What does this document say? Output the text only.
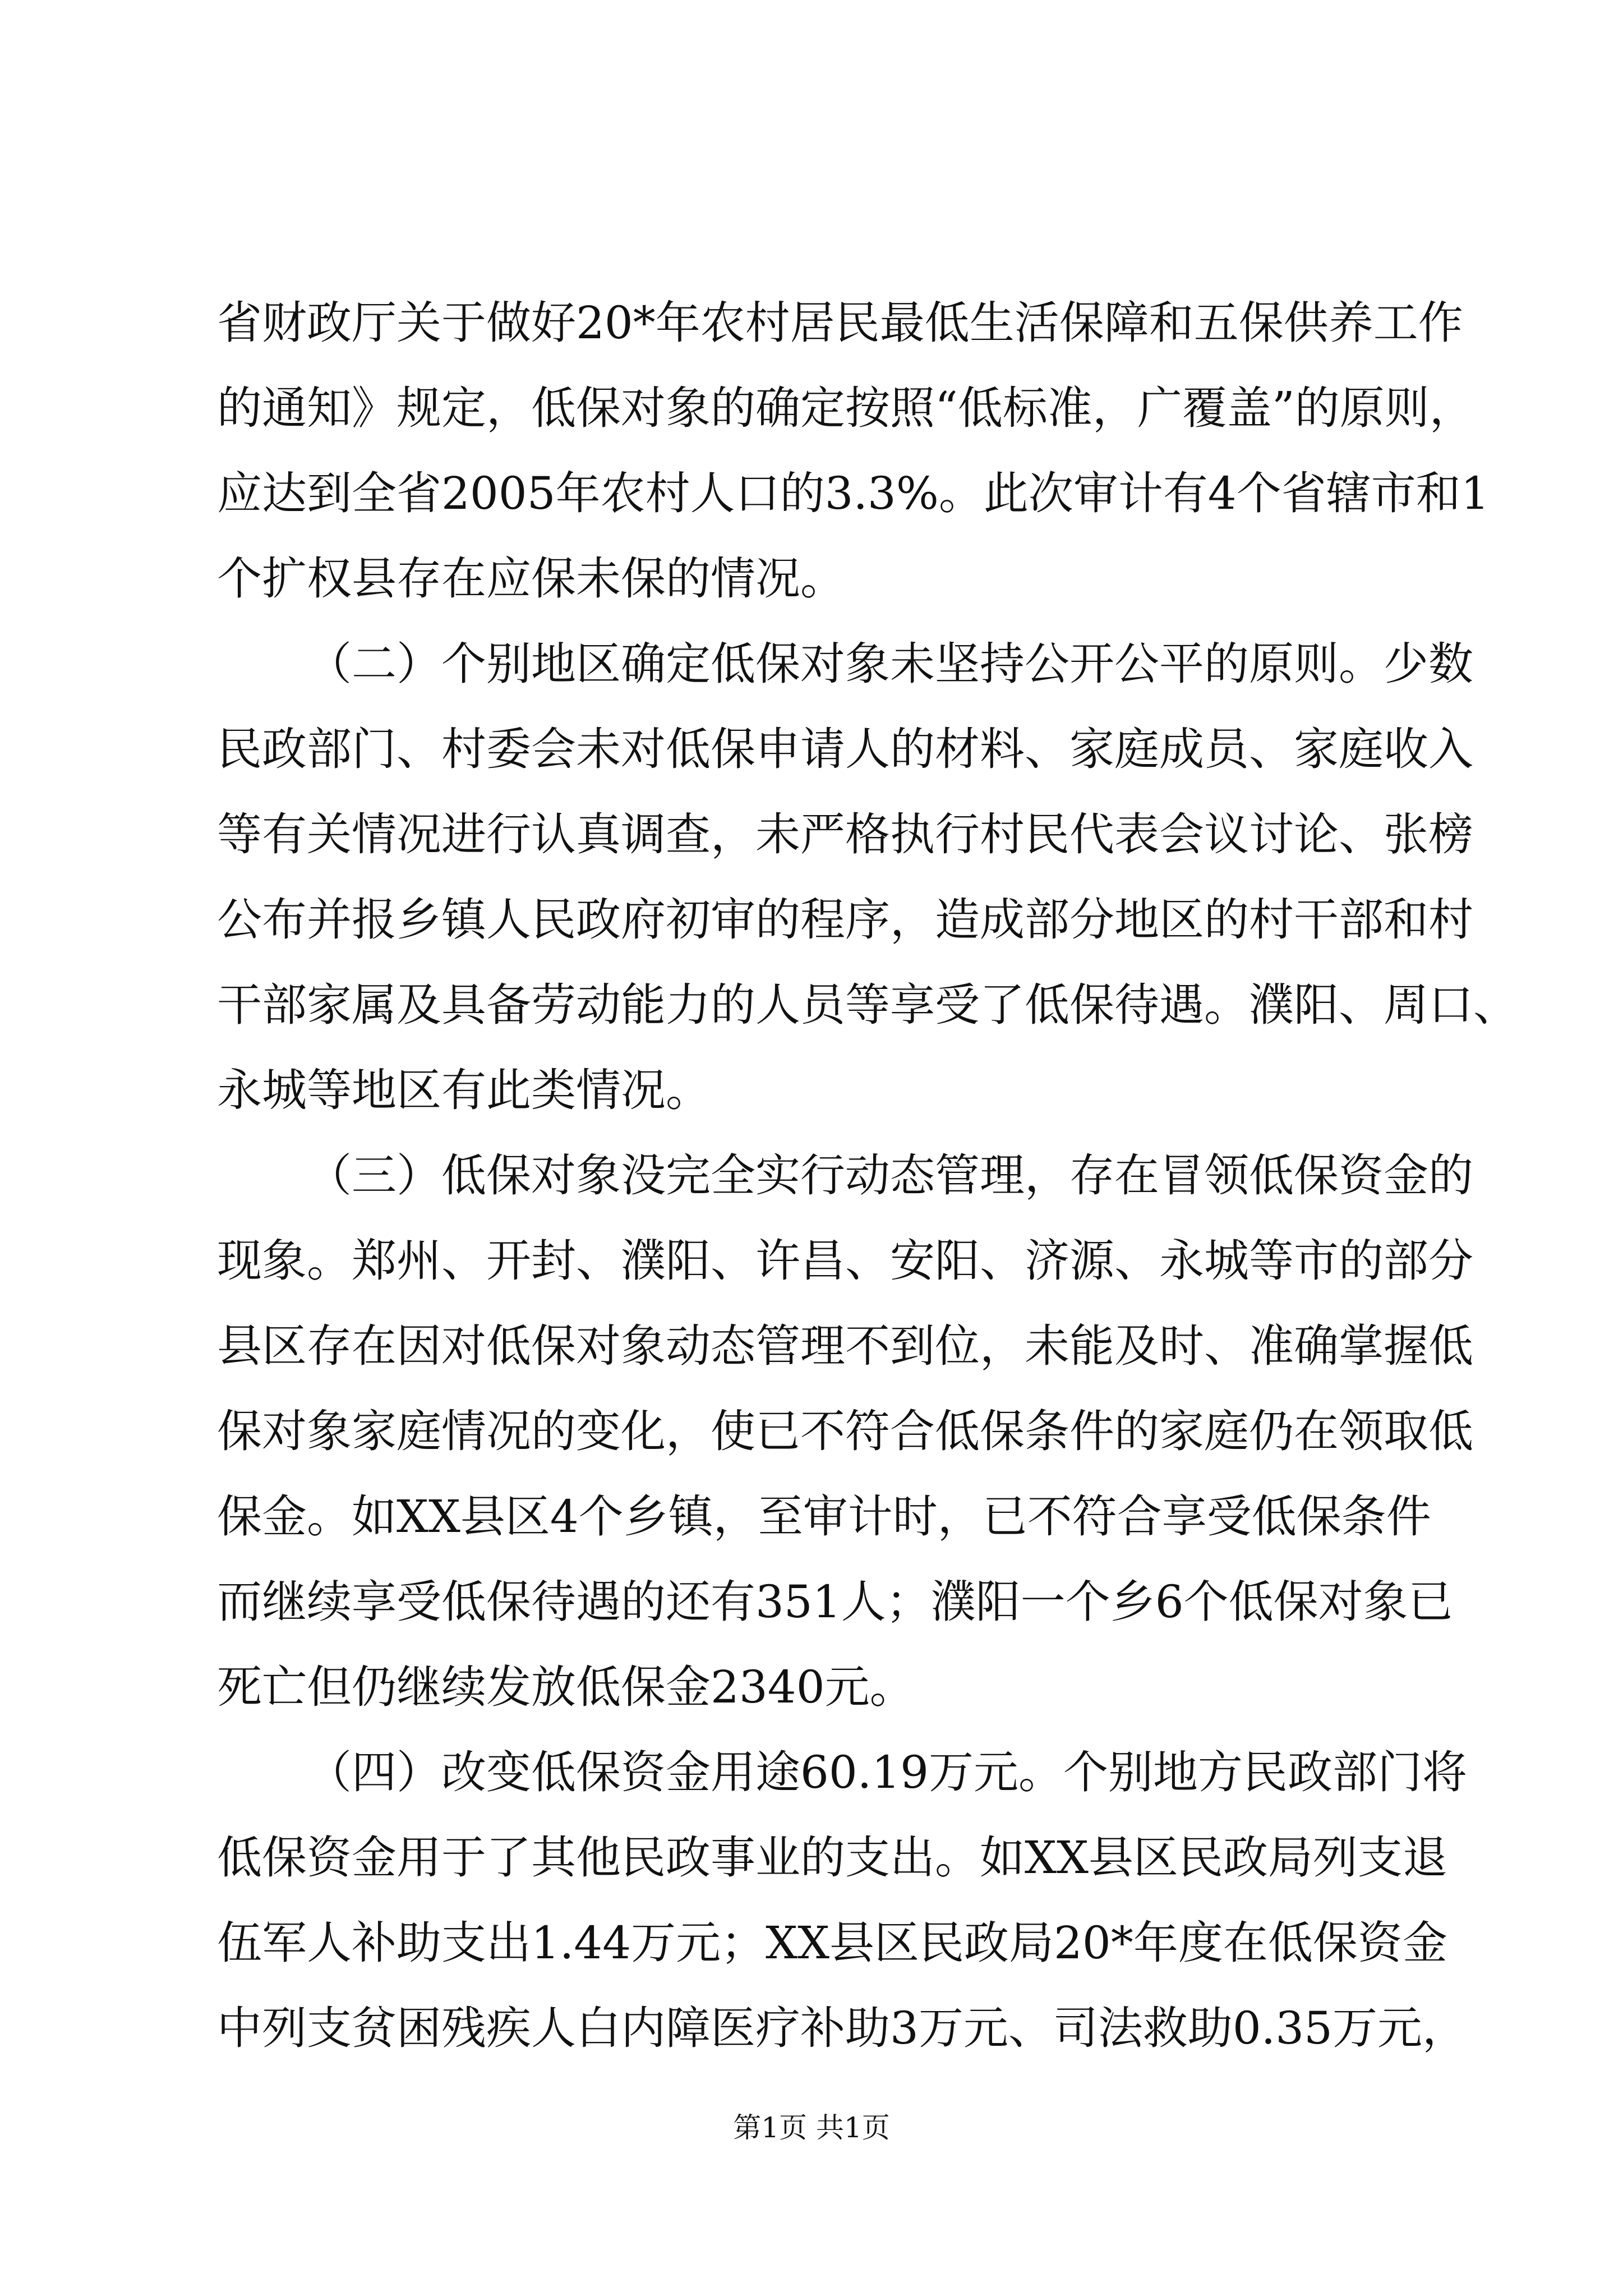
省财政厅关于做好20*年农村居民最低生活保障和五保供养工作
的通知》规定，低保对象的确定按照“低标准，广覆盖”的原则，
应达到全省2005年农村人口的3.3%。此次审计有4个省辖市和1
个扩权县存在应保未保的情况。
（二）个别地区确定低保对象未坚持公开公平的原则。少数
民政部门、村委会未对低保申请人的材料、家庭成员、家庭收入
等有关情况进行认真调查，未严格执行村民代表会议讨论、张榜
公布并报乡镇人民政府初审的程序，造成部分地区的村干部和村
干部家属及具备劳动能力的人员等享受了低保待遇。濮阳、周口、
永城等地区有此类情况。
（三）低保对象没完全实行动态管理，存在冒领低保资金的
现象。郑州、开封、濮阳、许昌、安阳、济源、永城等市的部分
县区存在因对低保对象动态管理不到位，未能及时、准确掌握低
保对象家庭情况的变化，使已不符合低保条件的家庭仍在领取低
保金。如XX县区4个乡镇，至审计时，已不符合享受低保条件
而继续享受低保待遇的还有351人；濮阳一个乡6个低保对象已
死亡但仍继续发放低保金2340元。
（四）改变低保资金用途60.19万元。个别地方民政部门将
低保资金用于了其他民政事业的支出。如XX县区民政局列支退
伍军人补助支出1.44万元；XX县区民政局20*年度在低保资金
中列支贫困残疾人白内障医疗补助3万元、司法救助0.35万元，
第1页 共1页
